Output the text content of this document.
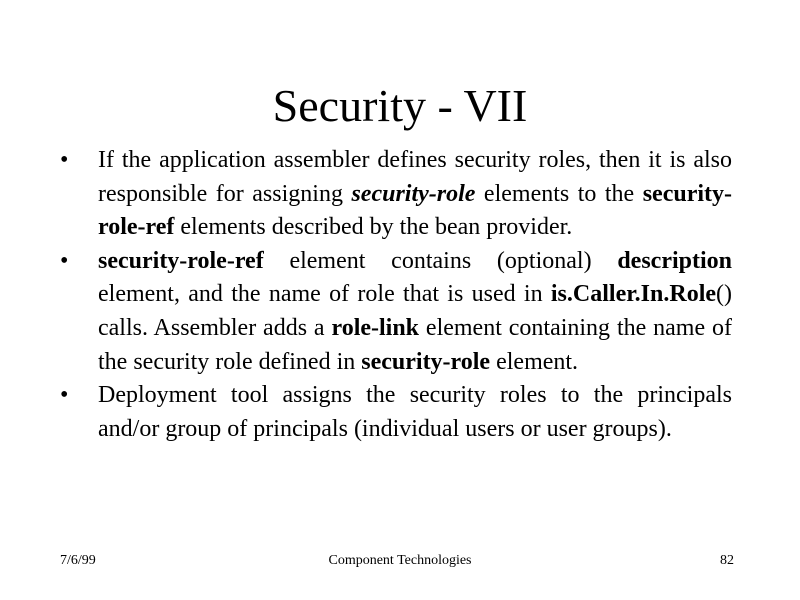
Security - VII
•	If the application assembler defines security roles, then it is also responsible for assigning security-role elements to the security-role-ref elements described by the bean provider.
•	security-role-ref element contains (optional) description element, and the name of role that is used in is.Caller.In.Role() calls. Assembler adds a role-link element containing the name of the security role defined in security-role element.
•	Deployment tool assigns the security roles to the principals and/or group of principals (individual users or user groups).
7/6/99	Component Technologies	82
